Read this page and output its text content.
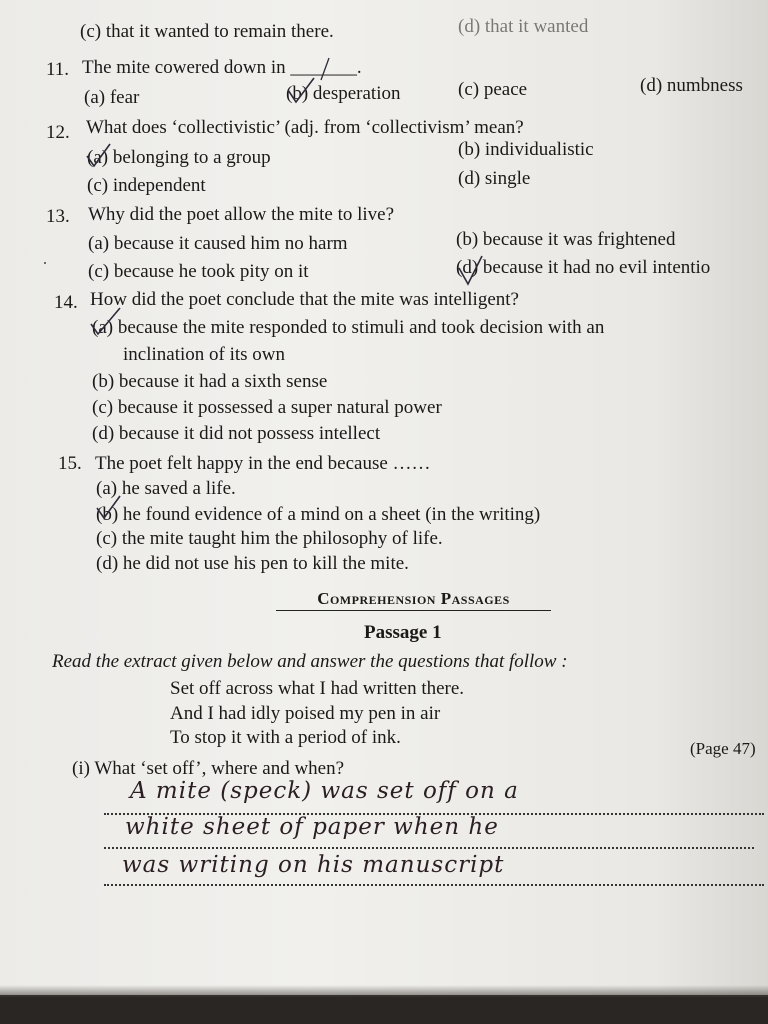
(c) that it wanted to remain there.	(d) that it wanted
11. The mite cowered down in _______.
(a) fear	(b) desperation	(c) peace	(d) numbness
12. What does ‘collectivistic’ (adj. from ‘collectivism’ mean?
(a) belonging to a group	(b) individualistic
(c) independent	(d) single
13. Why did the poet allow the mite to live?
(a) because it caused him no harm	(b) because it was frightened
(c) because he took pity on it	(d) because it had no evil intentio
14. How did the poet conclude that the mite was intelligent?
(a) because the mite responded to stimuli and took decision with an
inclination of its own
(b) because it had a sixth sense
(c) because it possessed a super natural power
(d) because it did not possess intellect
15. The poet felt happy in the end because ……
(a) he saved a life.
(b) he found evidence of a mind on a sheet (in the writing)
(c) the mite taught him the philosophy of life.
(d) he did not use his pen to kill the mite.
Comprehension Passages
Passage 1
Read the extract given below and answer the questions that follow :
Set off across what I had written there.
And I had idly poised my pen in air
To stop it with a period of ink.
(Page 47)
(i) What ‘set off’, where and when?
A mite (speck) was set off on a
white sheet of paper when he
was writing on his manuscript
